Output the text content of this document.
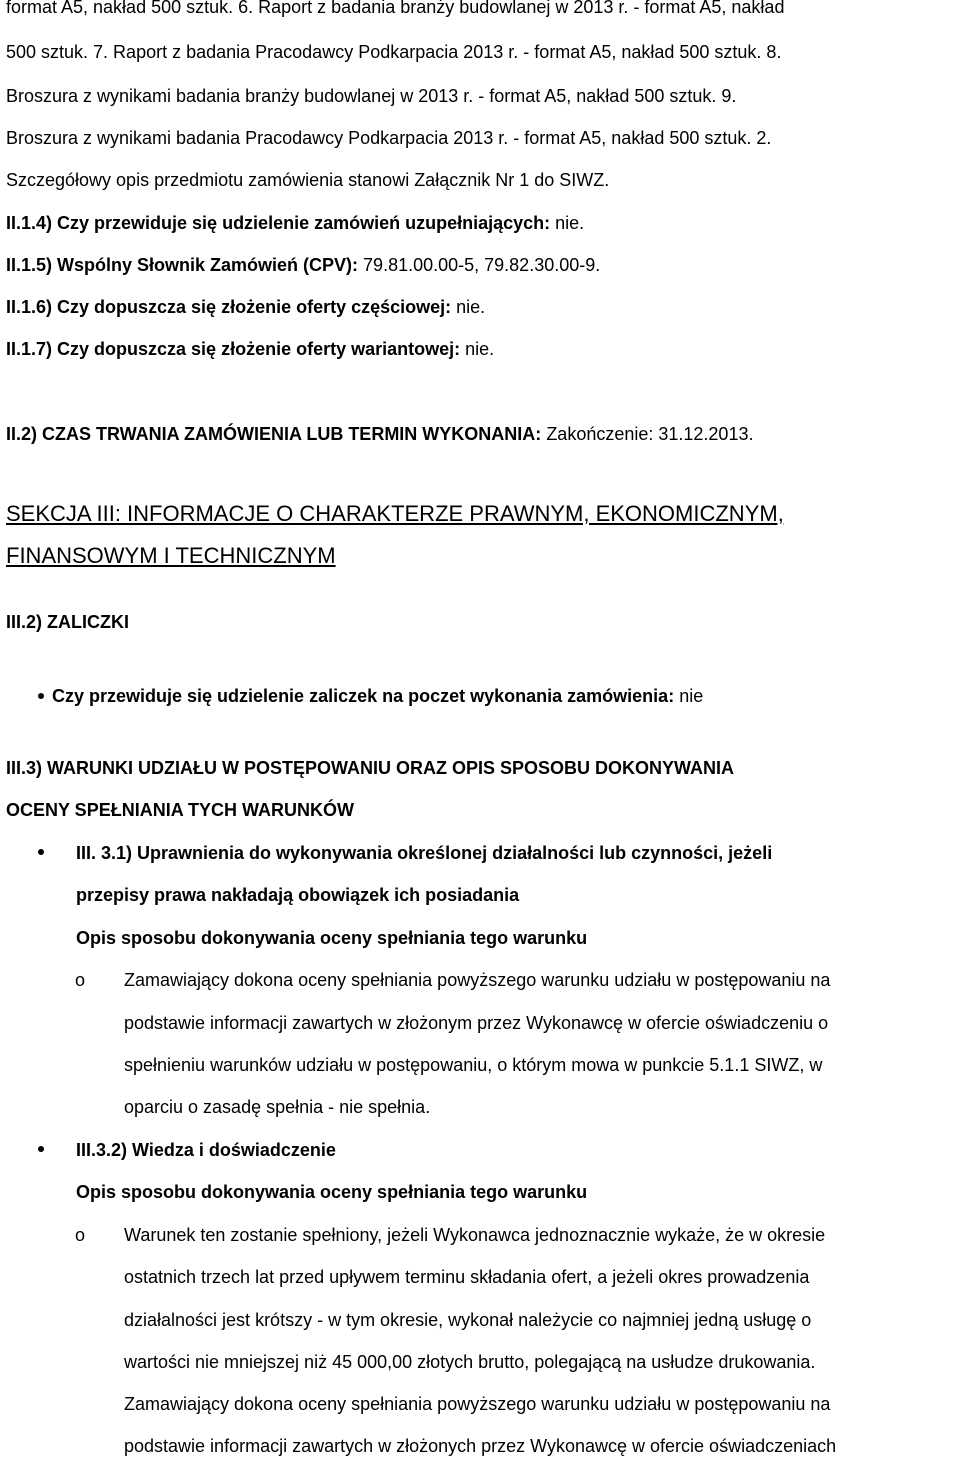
format A5, nakład 500 sztuk. 6. Raport z badania branży budowlanej w 2013 r. - format A5, nakład
500 sztuk. 7. Raport z badania Pracodawcy Podkarpacia 2013 r. - format A5, nakład 500 sztuk. 8.
Broszura z wynikami badania branży budowlanej w 2013 r. - format A5, nakład 500 sztuk. 9.
Broszura z wynikami badania Pracodawcy Podkarpacia 2013 r. - format A5, nakład 500 sztuk. 2.
Szczegółowy opis przedmiotu zamówienia stanowi Załącznik Nr 1 do SIWZ.
II.1.4) Czy przewiduje się udzielenie zamówień uzupełniających: nie.
II.1.5) Wspólny Słownik Zamówień (CPV): 79.81.00.00-5, 79.82.30.00-9.
II.1.6) Czy dopuszcza się złożenie oferty częściowej: nie.
II.1.7) Czy dopuszcza się złożenie oferty wariantowej: nie.
II.2) CZAS TRWANIA ZAMÓWIENIA LUB TERMIN WYKONANIA: Zakończenie: 31.12.2013.
SEKCJA III: INFORMACJE O CHARAKTERZE PRAWNYM, EKONOMICZNYM,
FINANSOWYM I TECHNICZNYM
III.2) ZALICZKI
Czy przewiduje się udzielenie zaliczek na poczet wykonania zamówienia: nie
III.3) WARUNKI UDZIAŁU W POSTĘPOWANIU ORAZ OPIS SPOSOBU DOKONYWANIA
OCENY SPEŁNIANIA TYCH WARUNKÓW
III. 3.1) Uprawnienia do wykonywania określonej działalności lub czynności, jeżeli
przepisy prawa nakładają obowiązek ich posiadania
Opis sposobu dokonywania oceny spełniania tego warunku
o Zamawiający dokona oceny spełniania powyższego warunku udziału w postępowaniu na
podstawie informacji zawartych w złożonym przez Wykonawcę w ofercie oświadczeniu o
spełnieniu warunków udziału w postępowaniu, o którym mowa w punkcie 5.1.1 SIWZ, w
oparciu o zasadę spełnia - nie spełnia.
III.3.2) Wiedza i doświadczenie
Opis sposobu dokonywania oceny spełniania tego warunku
o Warunek ten zostanie spełniony, jeżeli Wykonawca jednoznacznie wykaże, że w okresie
ostatnich trzech lat przed upływem terminu składania ofert, a jeżeli okres prowadzenia
działalności jest krótszy - w tym okresie, wykonał należycie co najmniej jedną usługę o
wartości nie mniejszej niż 45 000,00 złotych brutto, polegającą na usłudze drukowania.
Zamawiający dokona oceny spełniania powyższego warunku udziału w postępowaniu na
podstawie informacji zawartych w złożonych przez Wykonawcę w ofercie oświadczeniach
